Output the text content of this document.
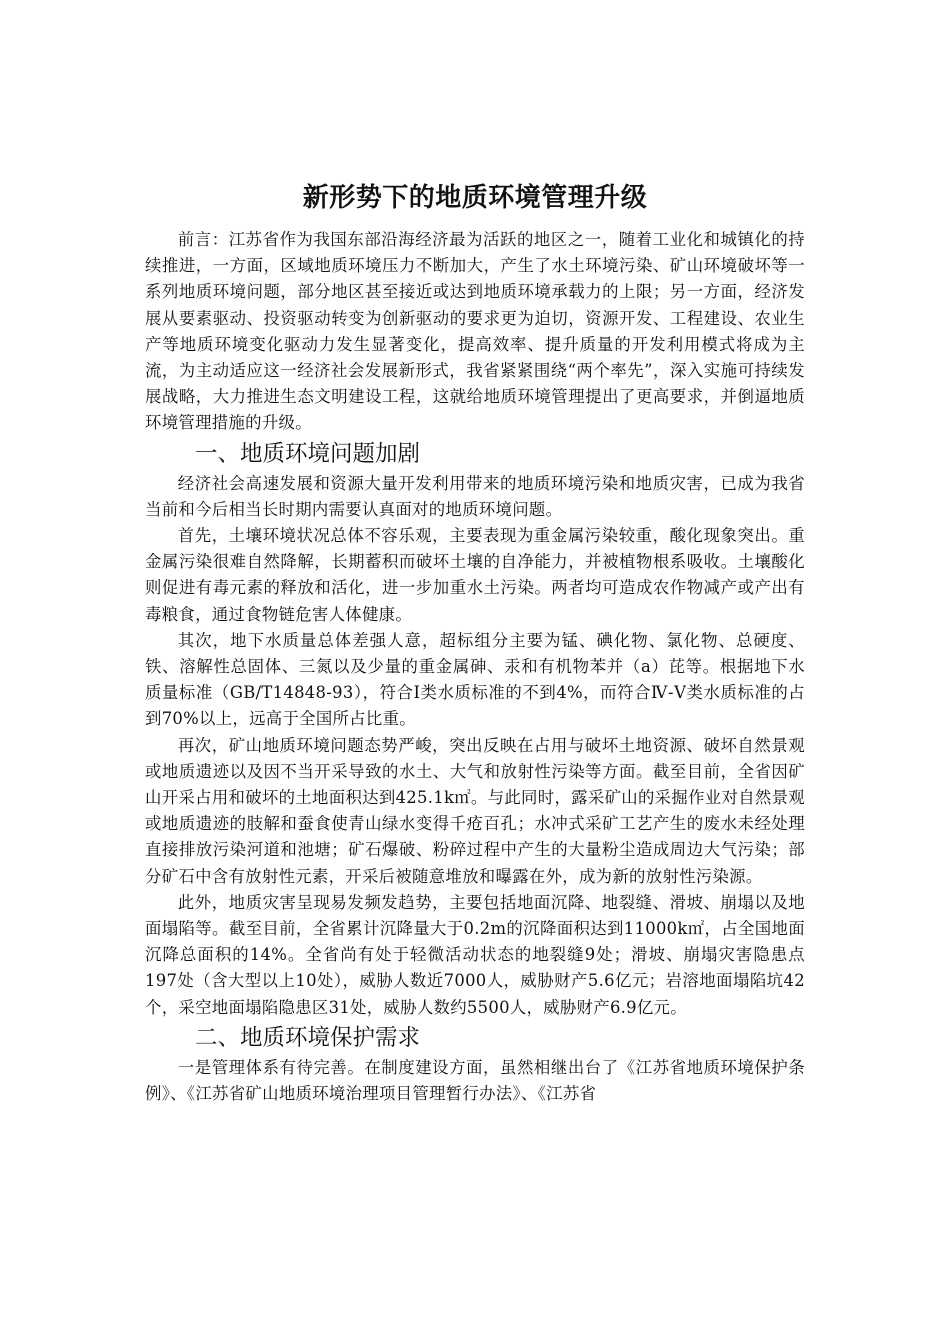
新形势下的地质环境管理升级

前言：江苏省作为我国东部沿海经济最为活跃的地区之一，随着工业化和城镇化的持续推进，一方面，区域地质环境压力不断加大，产生了水土环境污染、矿山环境破坏等一系列地质环境问题，部分地区甚至接近或达到地质环境承载力的上限；另一方面，经济发展从要素驱动、投资驱动转变为创新驱动的要求更为迫切，资源开发、工程建设、农业生产等地质环境变化驱动力发生显著变化，提高效率、提升质量的开发利用模式将成为主流，为主动适应这一经济社会发展新形式，我省紧紧围绕“两个率先”，深入实施可持续发展战略，大力推进生态文明建设工程，这就给地质环境管理提出了更高要求，并倒逼地质环境管理措施的升级。

一、地质环境问题加剧

经济社会高速发展和资源大量开发利用带来的地质环境污染和地质灾害，已成为我省当前和今后相当长时期内需要认真面对的地质环境问题。

首先，土壤环境状况总体不容乐观，主要表现为重金属污染较重，酸化现象突出。重金属污染很难自然降解，长期蓄积而破坏土壤的自净能力，并被植物根系吸收。土壤酸化则促进有毒元素的释放和活化，进一步加重水土污染。两者均可造成农作物减产或产出有毒粮食，通过食物链危害人体健康。

其次，地下水质量总体差强人意，超标组分主要为锰、碘化物、氯化物、总硬度、铁、溶解性总固体、三氮以及少量的重金属砷、汞和有机物苯并（a）芘等。根据地下水质量标准（GB/T14848-93），符合Ⅰ类水质标准的不到4%，而符合Ⅳ-Ⅴ类水质标准的占到70%以上，远高于全国所占比重。

再次，矿山地质环境问题态势严峻，突出反映在占用与破坏土地资源、破坏自然景观或地质遗迹以及因不当开采导致的水土、大气和放射性污染等方面。截至目前，全省因矿山开采占用和破坏的土地面积达到425.1k㎡。与此同时，露采矿山的采掘作业对自然景观或地质遗迹的肢解和蚕食使青山绿水变得千疮百孔；水冲式采矿工艺产生的废水未经处理直接排放污染河道和池塘；矿石爆破、粉碎过程中产生的大量粉尘造成周边大气污染；部分矿石中含有放射性元素，开采后被随意堆放和曝露在外，成为新的放射性污染源。

此外，地质灾害呈现易发频发趋势，主要包括地面沉降、地裂缝、滑坡、崩塌以及地面塌陷等。截至目前，全省累计沉降量大于0.2m的沉降面积达到11000k㎡，占全国地面沉降总面积的14%。全省尚有处于轻微活动状态的地裂缝9处；滑坡、崩塌灾害隐患点197处（含大型以上10处），威胁人数近7000人，威胁财产5.6亿元；岩溶地面塌陷坑42个，采空地面塌陷隐患区31处，威胁人数约5500人，威胁财产6.9亿元。

二、地质环境保护需求

一是管理体系有待完善。在制度建设方面，虽然相继出台了《江苏省地质环境保护条例》、《江苏省矿山地质环境治理项目管理暂行办法》、《江苏省
